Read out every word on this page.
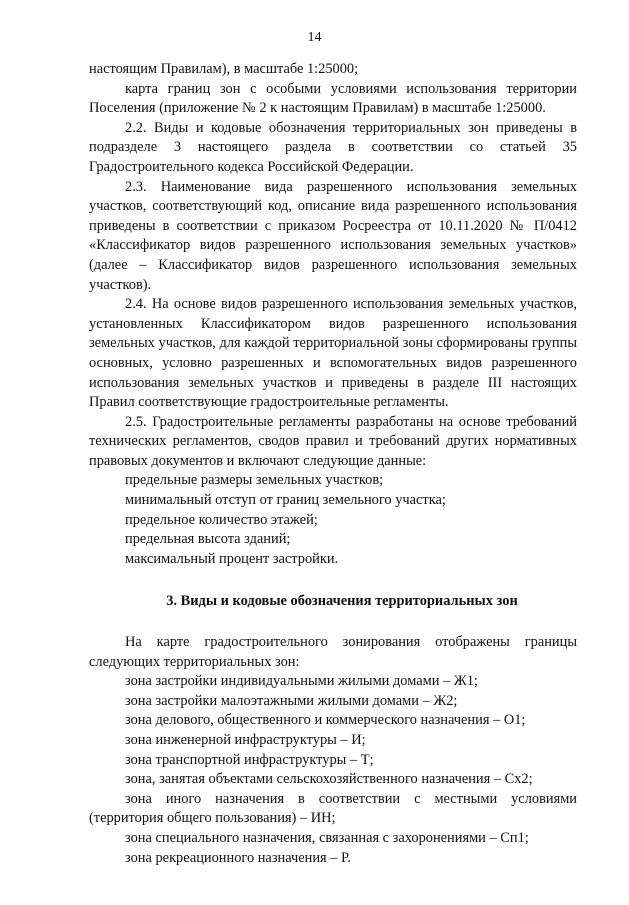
14

настоящим Правилам), в масштабе 1:25000;

карта границ зон с особыми условиями использования территории Поселения (приложение № 2 к настоящим Правилам) в масштабе 1:25000.

2.2. Виды и кодовые обозначения территориальных зон приведены в подразделе 3 настоящего раздела в соответствии со статьей 35 Градостроительного кодекса Российской Федерации.

2.3. Наименование вида разрешенного использования земельных участков, соответствующий код, описание вида разрешенного использования приведены в соответствии с приказом Росреестра от 10.11.2020 № П/0412 «Классификатор видов разрешенного использования земельных участков» (далее – Классификатор видов разрешенного использования земельных участков).

2.4. На основе видов разрешенного использования земельных участков, установленных Классификатором видов разрешенного использования земельных участков, для каждой территориальной зоны сформированы группы основных, условно разрешенных и вспомогательных видов разрешенного использования земельных участков и приведены в разделе III настоящих Правил соответствующие градостроительные регламенты.

2.5. Градостроительные регламенты разработаны на основе требований технических регламентов, сводов правил и требований других нормативных правовых документов и включают следующие данные:

предельные размеры земельных участков;

минимальный отступ от границ земельного участка;

предельное количество этажей;

предельная высота зданий;

максимальный процент застройки.

3. Виды и кодовые обозначения территориальных зон

На карте градостроительного зонирования отображены границы следующих территориальных зон:

зона застройки индивидуальными жилыми домами – Ж1;

зона застройки малоэтажными жилыми домами – Ж2;

зона делового, общественного и коммерческого назначения – О1;

зона инженерной инфраструктуры – И;

зона транспортной инфраструктуры – Т;

зона, занятая объектами сельскохозяйственного назначения – Сх2;

зона иного назначения в соответствии с местными условиями (территория общего пользования) – ИН;

зона специального назначения, связанная с захоронениями – Сп1;

зона рекреационного назначения – Р.
